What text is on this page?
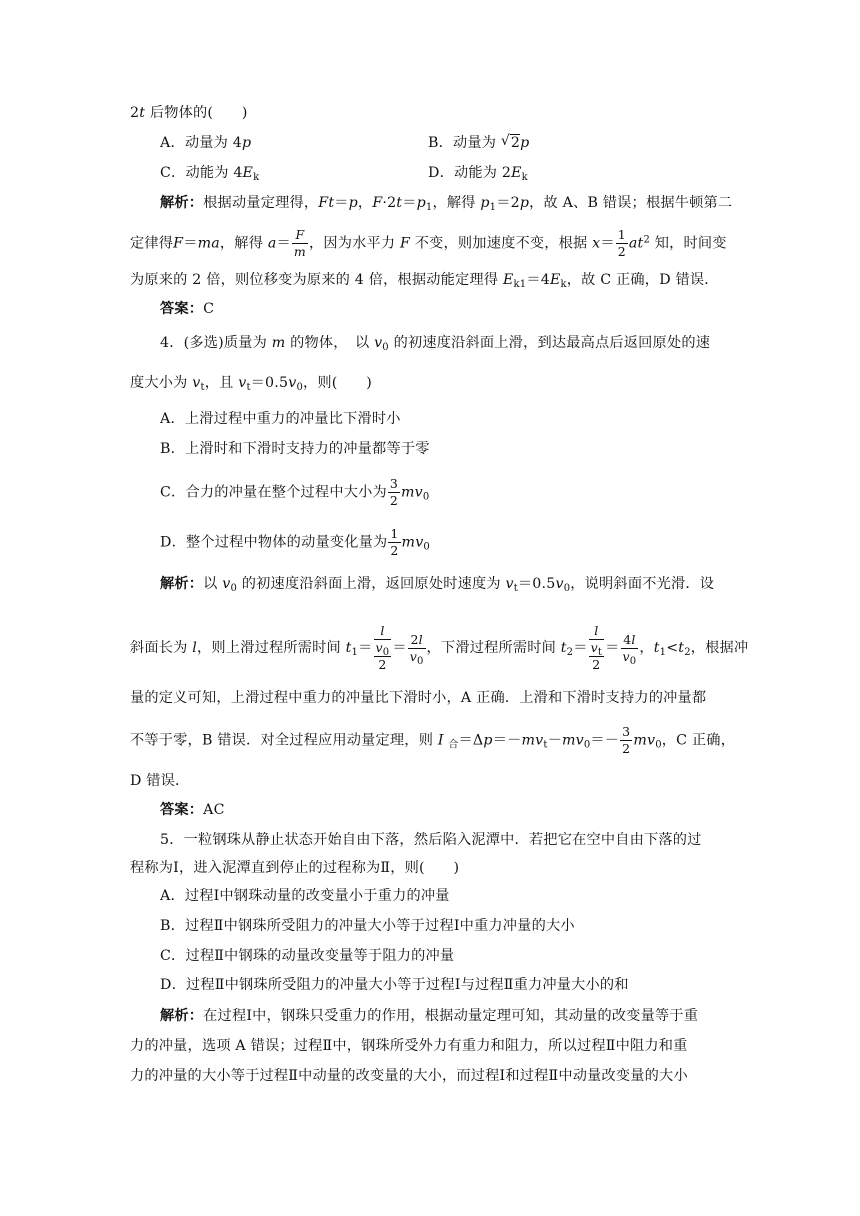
2t 后物体的(　　)
A．动量为 4p	B．动量为 √ 2p
C．动能为 $4E_k$	D．动能为 $2E_k$
解析：根据动量定理得，Ft＝p，$F\cdot 2t=p_1$，解得 $p_1=2p$，故 A、B 错误；根据牛顿第二
定律得F＝ma，解得 $a= \frac{F}{m}$ ，因为水平力 F 不变，则加速度不变，根据 $x= \frac{1}{2} at^2$ 知，时间变
为原来的 2 倍，则位移变为原来的 4 倍，根据动能定理得 $E_{k1}=4E_k$，故 C 正确，D 错误．
答案：C
4．(多选)质量为 m 的物体，　以 $v_0$ 的初速度沿斜面上滑，到达最高点后返回原处的速
度大小为 $v_t$，且 $v_t=0.5v_0$，则(　　)
A．上滑过程中重力的冲量比下滑时小
B．上滑时和下滑时支持力的冲量都等于零
C．合力的冲量在整个过程中大小为 $\frac{3}{2} mv_0$
D．整个过程中物体的动量变化量为 $\frac{1}{2} mv_0$
解析：以 $v_0$ 的初速度沿斜面上滑，返回原处时速度为 $v_t=0.5v_0$，说明斜面不光滑．设
斜面长为 l，则上滑过程所需时间 $t_1= \frac{l}{\frac{v_0}{2}} = \frac{2l}{v_0}$ ，下滑过程所需时间 $t_2= \frac{l}{\frac{v_t}{2}} = \frac{4l}{v_0}$ ，$t_1<t_2$，根据冲
量的定义可知，上滑过程中重力的冲量比下滑时小，A 正确．上滑和下滑时支持力的冲量都
不等于零，B 错误．对全过程应用动量定理，则 I $_合=\Delta p=-mv_t-mv_0=- \frac{3}{2} mv_0$，C 正确，
D 错误．
答案：AC
5．一粒钢珠从静止状态开始自由下落，然后陷入泥潭中．若把它在空中自由下落的过
程称为Ⅰ，进入泥潭直到停止的过程称为Ⅱ，则(　　)
A．过程Ⅰ中钢珠动量的改变量小于重力的冲量
B．过程Ⅱ中钢珠所受阻力的冲量大小等于过程Ⅰ中重力冲量的大小
C．过程Ⅱ中钢珠的动量改变量等于阻力的冲量
D．过程Ⅱ中钢珠所受阻力的冲量大小等于过程Ⅰ与过程Ⅱ重力冲量大小的和
解析：在过程Ⅰ中，钢珠只受重力的作用，根据动量定理可知，其动量的改变量等于重
力的冲量，选项 A 错误；过程Ⅱ中，钢珠所受外力有重力和阻力，所以过程Ⅱ中阻力和重
力的冲量的大小等于过程Ⅱ中动量的改变量的大小，而过程Ⅰ和过程Ⅱ中动量改变量的大小
